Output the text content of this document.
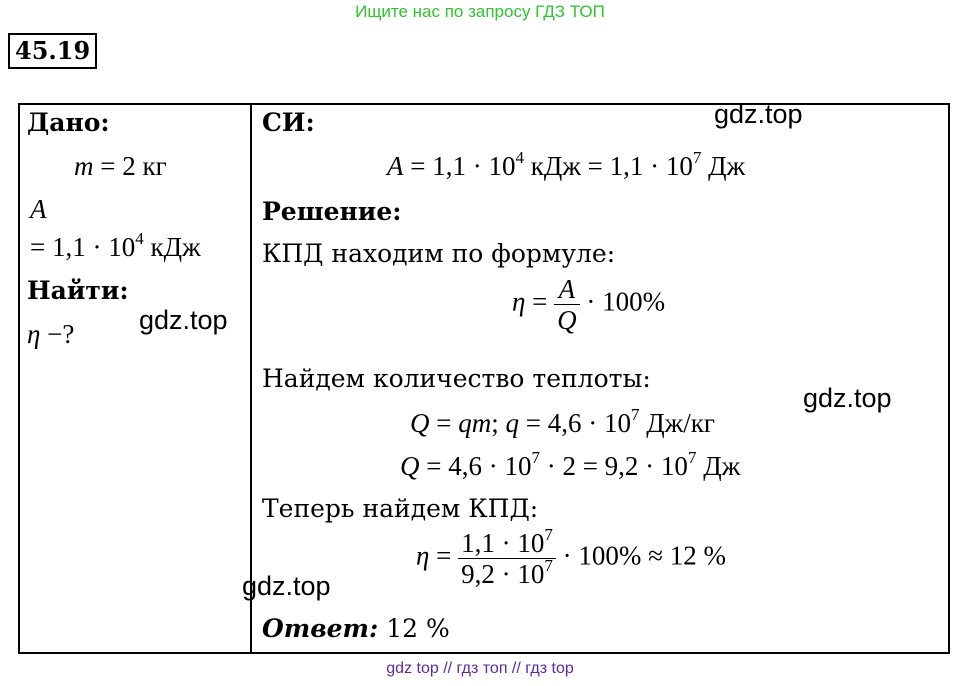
Ищите нас по запросу ГДЗ ТОП
45.19
Дано:
m = 2 кг
A
= $1,1 \cdot 10^4$ кДж
Найти:
η −?
СИ:
$A = 1,1 \cdot 10^4$ кДж = $1,1 \cdot 10^7$ Дж
Решение:
КПД находим по формуле:
$\eta = \frac{A}{Q} \cdot 100\%$
Найдем количество теплоты:
Q = qm; $q = 4,6 \cdot 10^7$ Дж/кг
$Q = 4,6 \cdot 10^7 \cdot 2 = 9,2 \cdot 10^7$ Дж
Теперь найдем КПД:
$\eta = \frac{1,1 \cdot 10^7}{9,2 \cdot 10^7} \cdot 100\% \approx 12$ %
Ответ: 12 %
gdz.top
gdz.top
gdz.top
gdz.top
gdz top // гдз топ // гдз top
